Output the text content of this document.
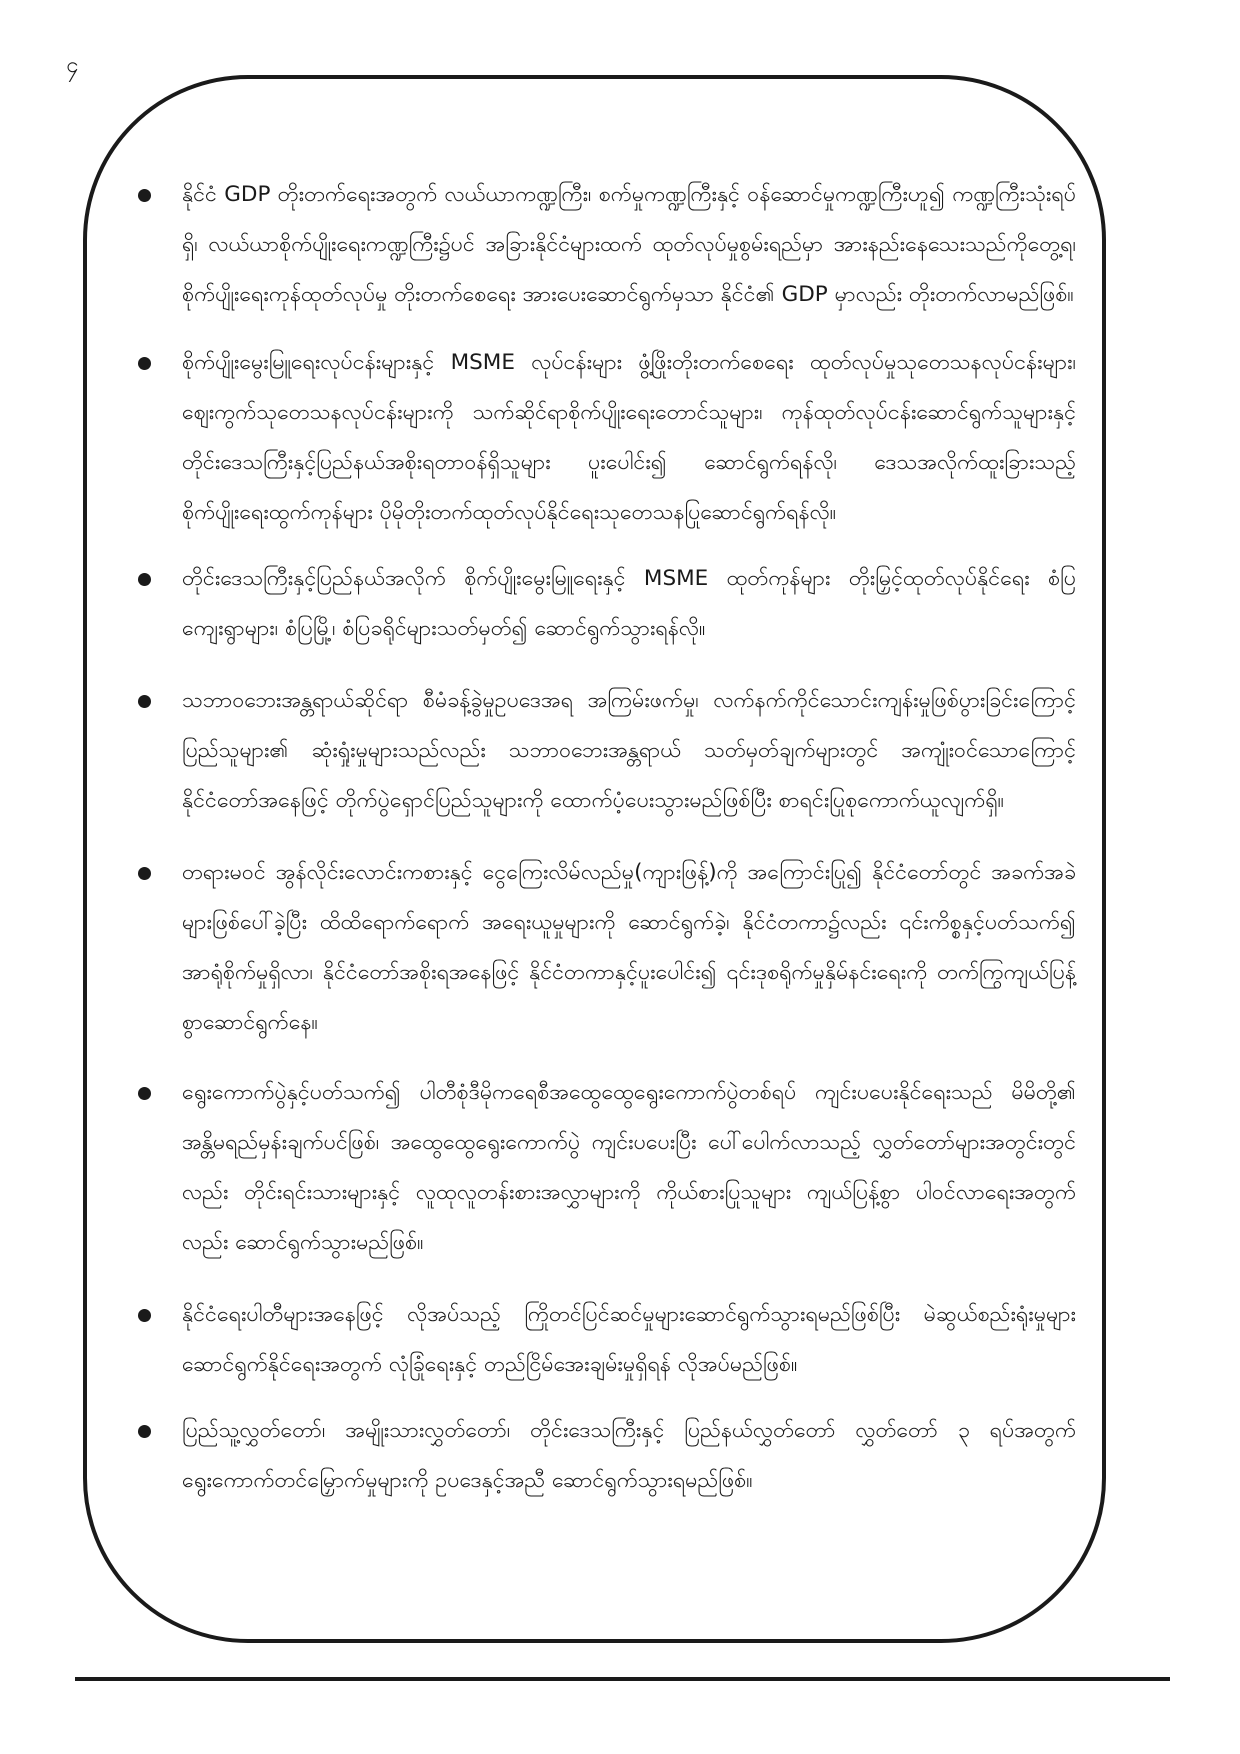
၄
နိုင်ငံ GDP တိုးတက်ရေးအတွက် လယ်ယာကဏ္ဍကြီး၊ စက်မှုကဏ္ဍကြီးနှင့် ဝန်ဆောင်မှုကဏ္ဍကြီးဟူ၍ ကဏ္ဍကြီးသုံးရပ်ရှိ၊ လယ်ယာစိုက်ပျိုးရေးကဏ္ဍကြီး၌ပင် အခြားနိုင်ငံများထက် ထုတ်လုပ်မှုစွမ်းရည်မှာ အားနည်းနေသေးသည်ကိုတွေ့ရ၊ စိုက်ပျိုးရေးကုန်ထုတ်လုပ်မှု တိုးတက်စေရေး အားပေးဆောင်ရွက်မှသာ နိုင်ငံ၏ GDP မှာလည်း တိုးတက်လာမည်ဖြစ်။
စိုက်ပျိုးမွေးမြူရေးလုပ်ငန်းများနှင့် MSME လုပ်ငန်းများ ဖွံ့ဖြိုးတိုးတက်စေရေး ထုတ်လုပ်မှုသုတေသနလုပ်ငန်းများ၊ ဈေးကွက်သုတေသနလုပ်ငန်းများကို သက်ဆိုင်ရာစိုက်ပျိုးရေးတောင်သူများ၊ ကုန်ထုတ်လုပ်ငန်းဆောင်ရွက်သူများနှင့် တိုင်းဒေသကြီးနှင့်ပြည်နယ်အစိုးရတာဝန်ရှိသူများ ပူးပေါင်း၍ ဆောင်ရွက်ရန်လို၊ ဒေသအလိုက်ထူးခြားသည့် စိုက်ပျိုးရေးထွက်ကုန်များ ပိုမိုတိုးတက်ထုတ်လုပ်နိုင်ရေးသုတေသနပြုဆောင်ရွက်ရန်လို။
တိုင်းဒေသကြီးနှင့်ပြည်နယ်အလိုက် စိုက်ပျိုးမွေးမြူရေးနှင့် MSME ထုတ်ကုန်များ တိုးမြှင့်ထုတ်လုပ်နိုင်ရေး စံပြကျေးရွာများ၊ စံပြမြို့၊ စံပြခရိုင်များသတ်မှတ်၍ ဆောင်ရွက်သွားရန်လို။
သဘာဝဘေးအန္တရာယ်ဆိုင်ရာ စီမံခန့်ခွဲမှုဥပဒေအရ အကြမ်းဖက်မှု၊ လက်နက်ကိုင်သောင်းကျန်းမှုဖြစ်ပွားခြင်းကြောင့် ပြည်သူများ၏ ဆုံးရှုံးမှုများသည်လည်း သဘာဝဘေးအန္တရာယ် သတ်မှတ်ချက်များတွင် အကျုံးဝင်သောကြောင့် နိုင်ငံတော်အနေဖြင့် တိုက်ပွဲရှောင်ပြည်သူများကို ထောက်ပံ့ပေးသွားမည်ဖြစ်ပြီး စာရင်းပြုစုကောက်ယူလျက်ရှိ။
တရားမဝင် အွန်လိုင်းလောင်းကစားနှင့် ငွေကြေးလိမ်လည်မှု(ကျားဖြန့်)ကို အကြောင်းပြု၍ နိုင်ငံတော်တွင် အခက်အခဲများဖြစ်ပေါ်ခဲ့ပြီး ထိထိရောက်ရောက် အရေးယူမှုများကို ဆောင်ရွက်ခဲ့၊ နိုင်ငံတကာ၌လည်း ၎င်းကိစ္စနှင့်ပတ်သက်၍ အာရုံစိုက်မှုရှိလာ၊ နိုင်ငံတော်အစိုးရအနေဖြင့် နိုင်ငံတကာနှင့်ပူးပေါင်း၍ ၎င်းဒုစရိုက်မှုနှိမ်နင်းရေးကို တက်ကြွကျယ်ပြန့်စွာဆောင်ရွက်နေ။
ရွေးကောက်ပွဲနှင့်ပတ်သက်၍ ပါတီစုံဒီမိုကရေစီအထွေထွေရွေးကောက်ပွဲတစ်ရပ် ကျင်းပပေးနိုင်ရေးသည် မိမိတို့၏ အန္တိမရည်မှန်းချက်ပင်ဖြစ်၊ အထွေထွေရွေးကောက်ပွဲ ကျင်းပပေးပြီး ပေါ်ပေါက်လာသည့် လွှတ်တော်များအတွင်းတွင်လည်း တိုင်းရင်းသားများနှင့် လူထုလူတန်းစားအလွှာများကို ကိုယ်စားပြုသူများ ကျယ်ပြန့်စွာ ပါဝင်လာရေးအတွက်လည်း ဆောင်ရွက်သွားမည်ဖြစ်။
နိုင်ငံရေးပါတီများအနေဖြင့် လိုအပ်သည့် ကြိုတင်ပြင်ဆင်မှုများဆောင်ရွက်သွားရမည်ဖြစ်ပြီး မဲဆွယ်စည်းရုံးမှုများ ဆောင်ရွက်နိုင်ရေးအတွက် လုံခြုံရေးနှင့် တည်ငြိမ်အေးချမ်းမှုရှိရန် လိုအပ်မည်ဖြစ်။
ပြည်သူ့လွှတ်တော်၊ အမျိုးသားလွှတ်တော်၊ တိုင်းဒေသကြီးနှင့် ပြည်နယ်လွှတ်တော် လွှတ်တော် ၃ ရပ်အတွက် ရွေးကောက်တင်မြှောက်မှုများကို ဥပဒေနှင့်အညီ ဆောင်ရွက်သွားရမည်ဖြစ်။
